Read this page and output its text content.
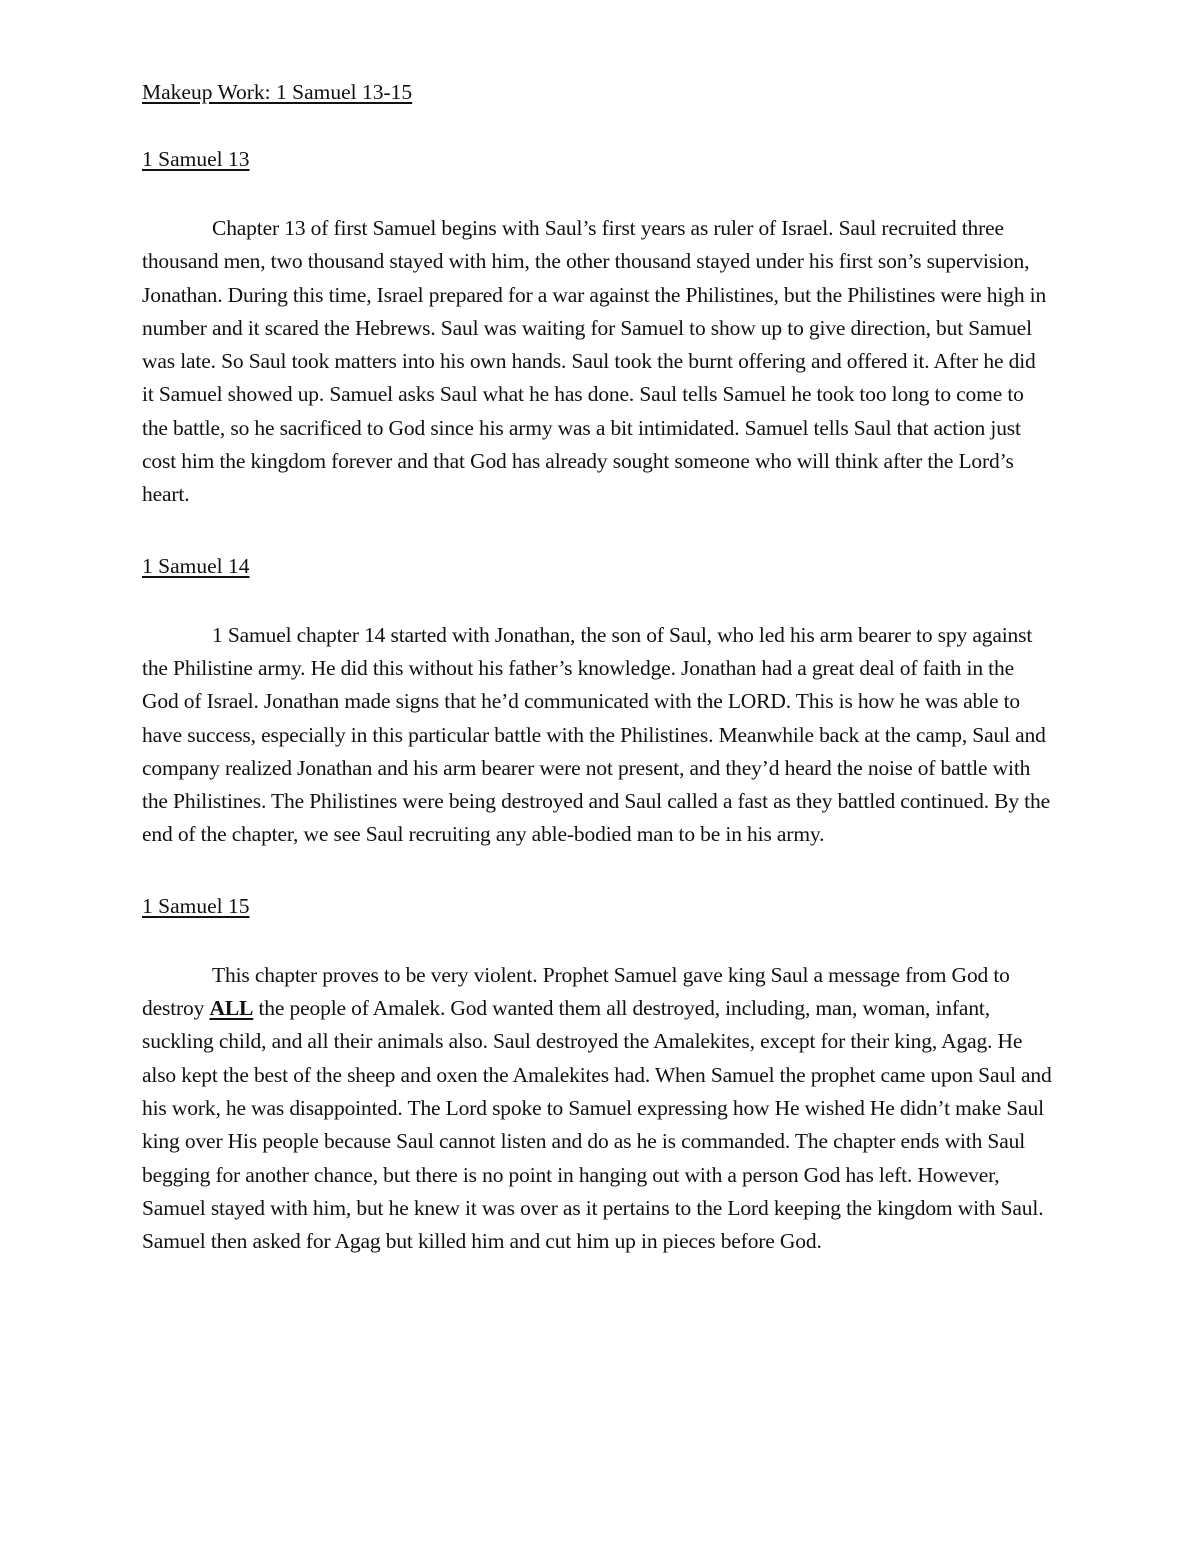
Makeup Work: 1 Samuel 13-15
1 Samuel 13

Chapter 13 of first Samuel begins with Saul’s first years as ruler of Israel. Saul recruited three thousand men, two thousand stayed with him, the other thousand stayed under his first son’s supervision, Jonathan. During this time, Israel prepared for a war against the Philistines, but the Philistines were high in number and it scared the Hebrews. Saul was waiting for Samuel to show up to give direction, but Samuel was late. So Saul took matters into his own hands. Saul took the burnt offering and offered it. After he did it Samuel showed up. Samuel asks Saul what he has done. Saul tells Samuel he took too long to come to the battle, so he sacrificed to God since his army was a bit intimidated. Samuel tells Saul that action just cost him the kingdom forever and that God has already sought someone who will think after the Lord’s heart.

1 Samuel 14

1 Samuel chapter 14 started with Jonathan, the son of Saul, who led his arm bearer to spy against the Philistine army. He did this without his father’s knowledge. Jonathan had a great deal of faith in the God of Israel. Jonathan made signs that he’d communicated with the LORD. This is how he was able to have success, especially in this particular battle with the Philistines. Meanwhile back at the camp, Saul and company realized Jonathan and his arm bearer were not present, and they’d heard the noise of battle with the Philistines. The Philistines were being destroyed and Saul called a fast as they battled continued. By the end of the chapter, we see Saul recruiting any able-bodied man to be in his army.

1 Samuel 15

This chapter proves to be very violent. Prophet Samuel gave king Saul a message from God to destroy ALL the people of Amalek. God wanted them all destroyed, including, man, woman, infant, suckling child, and all their animals also. Saul destroyed the Amalekites, except for their king, Agag. He also kept the best of the sheep and oxen the Amalekites had. When Samuel the prophet came upon Saul and his work, he was disappointed. The Lord spoke to Samuel expressing how He wished He didn’t make Saul king over His people because Saul cannot listen and do as he is commanded. The chapter ends with Saul begging for another chance, but there is no point in hanging out with a person God has left. However, Samuel stayed with him, but he knew it was over as it pertains to the Lord keeping the kingdom with Saul. Samuel then asked for Agag but killed him and cut him up in pieces before God.
